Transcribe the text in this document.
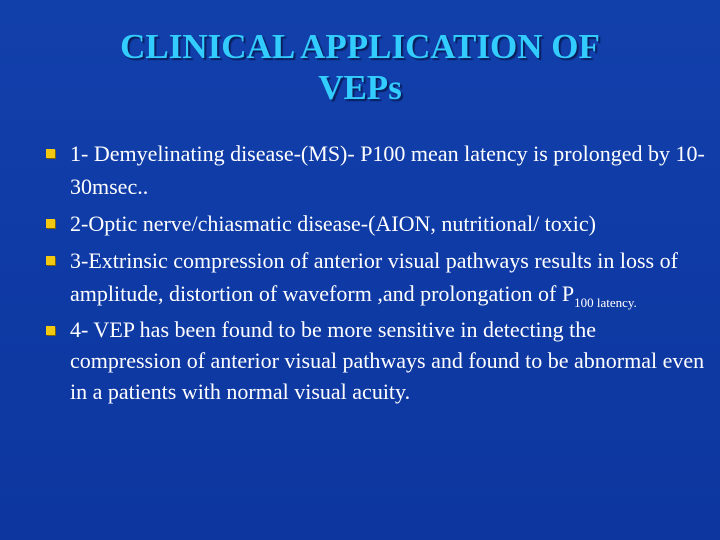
CLINICAL APPLICATION OF
VEPs
1- Demyelinating disease-(MS)- P100 mean latency is prolonged by 10-30msec..
2-Optic nerve/chiasmatic disease-(AION, nutritional/ toxic)
3-Extrinsic compression of anterior visual pathways results in loss of amplitude, distortion of waveform ,and prolongation of $P_{100 latency.}$
4- VEP has been found to be more sensitive in detecting the compression of anterior visual pathways and found to be abnormal even in a patients with normal visual acuity.
